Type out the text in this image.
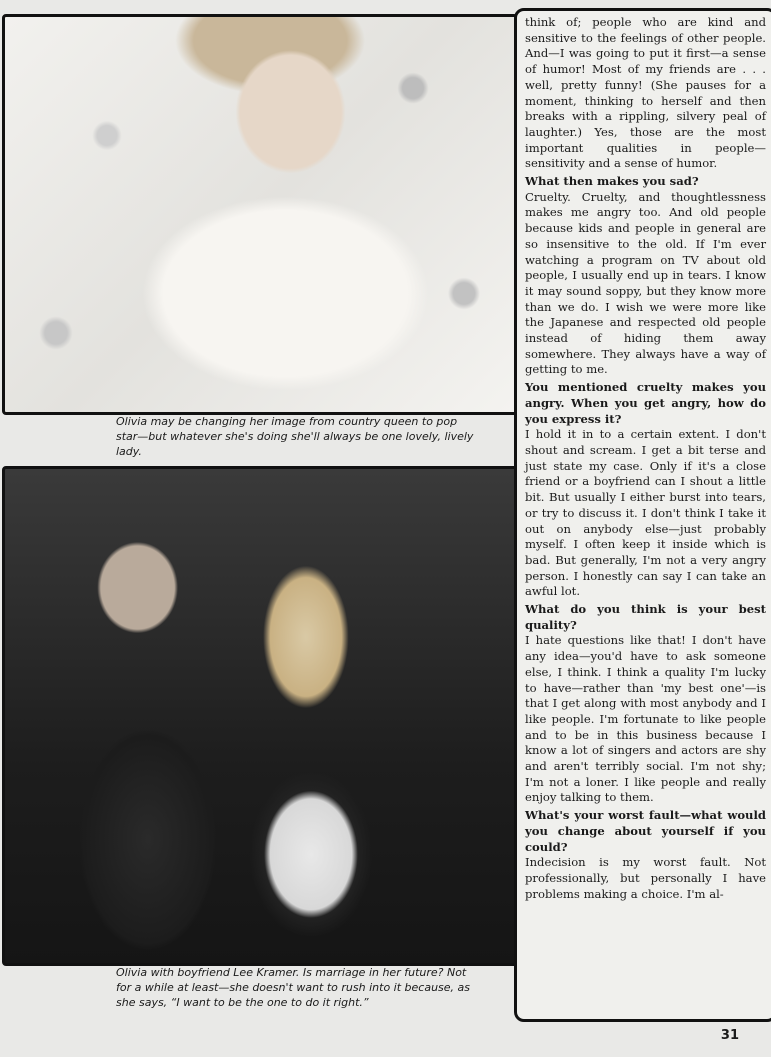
Olivia may be changing her image from country queen to pop star—but whatever she's doing she'll always be one lovely, lively lady.

Olivia with boyfriend Lee Kramer. Is marriage in her future? Not for a while at least—she doesn't want to rush into it because, as she says, “I want to be the one to do it right.”

think of; people who are kind and sensitive to the feelings of other people. And—I was going to put it first—a sense of humor! Most of my friends are . . . well, pretty funny! (She pauses for a moment, thinking to herself and then breaks with a rippling, silvery peal of laughter.) Yes, those are the most important qualities in people—sensitivity and a sense of humor.

What then makes you sad?

Cruelty. Cruelty, and thoughtlessness makes me angry too. And old people because kids and people in general are so insensitive to the old. If I'm ever watching a program on TV about old people, I usually end up in tears. I know it may sound soppy, but they know more than we do. I wish we were more like the Japanese and respected old people instead of hiding them away somewhere. They always have a way of getting to me.

You mentioned cruelty makes you angry. When you get angry, how do you express it?

I hold it in to a certain extent. I don't shout and scream. I get a bit terse and just state my case. Only if it's a close friend or a boyfriend can I shout a little bit. But usually I either burst into tears, or try to discuss it. I don't think I take it out on anybody else—just probably myself. I often keep it inside which is bad. But generally, I'm not a very angry person. I honestly can say I can take an awful lot.

What do you think is your best quality?

I hate questions like that! I don't have any idea—you'd have to ask someone else, I think. I think a quality I'm lucky to have—rather than 'my best one'—is that I get along with most anybody and I like people. I'm fortunate to like people and to be in this business because I know a lot of singers and actors are shy and aren't terribly social. I'm not shy; I'm not a loner. I like people and really enjoy talking to them.

What's your worst fault—what would you change about yourself if you could?

Indecision is my worst fault. Not professionally, but personally I have problems making a choice. I'm al-

31
